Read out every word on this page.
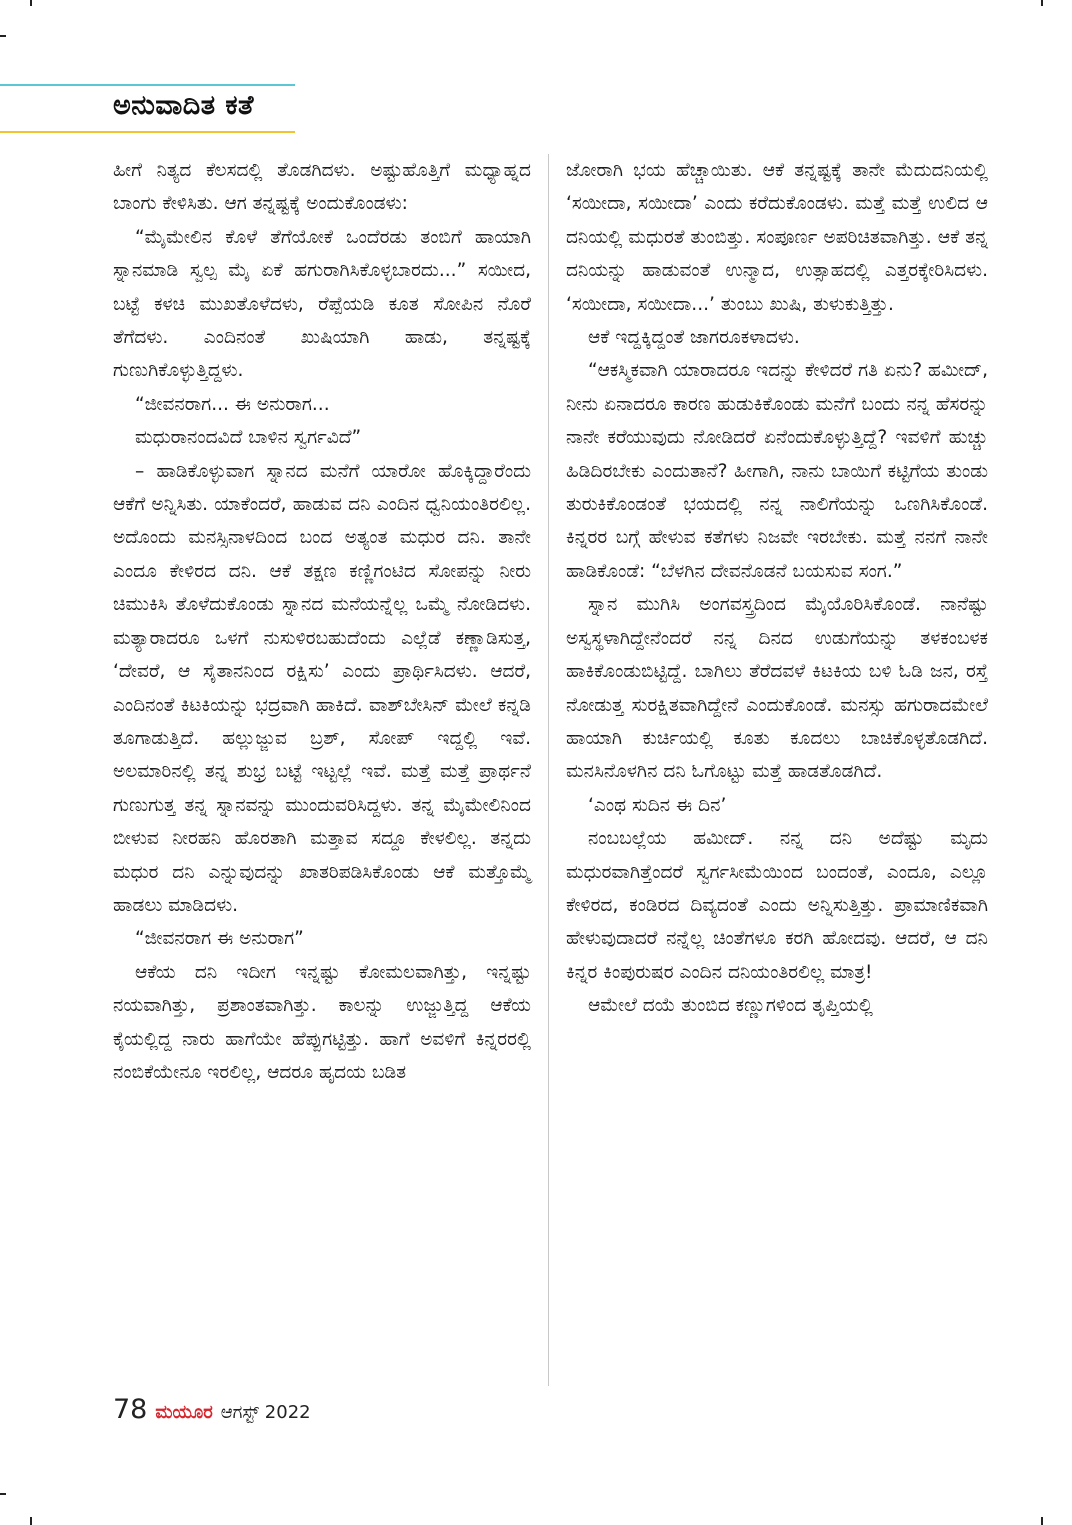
ಅನುವಾದಿತ ಕತೆ

ಹೀಗೆ ನಿತ್ಯದ ಕೆಲಸದಲ್ಲಿ ತೊಡಗಿದಳು. ಅಷ್ಟುಹೊತ್ತಿಗೆ ಮಧ್ಯಾಹ್ನದ ಬಾಂಗು ಕೇಳಿಸಿತು. ಆಗ ತನ್ನಷ್ಟಕ್ಕೆ ಅಂದುಕೊಂಡಳು:

“ಮೈಮೇಲಿನ ಕೊಳೆ ತೆಗೆಯೋಕೆ ಒಂದೆರಡು ತಂಬಿಗೆ ಹಾಯಾಗಿ ಸ್ನಾನಮಾಡಿ ಸ್ವಲ್ಪ ಮೈ ಏಕೆ ಹಗುರಾಗಿಸಿಕೊಳ್ಳಬಾರದು...” ಸಯೀದ, ಬಟ್ಟೆ ಕಳಚಿ ಮುಖತೊಳೆದಳು, ರೆಪ್ಪೆಯಡಿ ಕೂತ ಸೋಪಿನ ನೊರೆ ತೆಗೆದಳು. ಎಂದಿನಂತೆ ಖುಷಿಯಾಗಿ ಹಾಡು, ತನ್ನಷ್ಟಕ್ಕೆ ಗುಣುಗಿಕೊಳ್ಳುತ್ತಿದ್ದಳು.

“ಜೀವನರಾಗ... ಈ ಅನುರಾಗ...

ಮಧುರಾನಂದವಿದೆ ಬಾಳಿನ ಸ್ವರ್ಗವಿದೆ”

– ಹಾಡಿಕೊಳ್ಳುವಾಗ ಸ್ನಾನದ ಮನೆಗೆ ಯಾರೋ ಹೊಕ್ಕಿದ್ದಾರೆಂದು ಆಕೆಗೆ ಅನ್ನಿಸಿತು. ಯಾಕೆಂದರೆ, ಹಾಡುವ ದನಿ ಎಂದಿನ ಧ್ವನಿಯಂತಿರಲಿಲ್ಲ. ಅದೊಂದು ಮನಸ್ಸಿನಾಳದಿಂದ ಬಂದ ಅತ್ಯಂತ ಮಧುರ ದನಿ. ತಾನೇ ಎಂದೂ ಕೇಳಿರದ ದನಿ. ಆಕೆ ತಕ್ಷಣ ಕಣ್ಣಿಗಂಟಿದ ಸೋಪನ್ನು ನೀರು ಚಿಮುಕಿಸಿ ತೊಳೆದುಕೊಂಡು ಸ್ನಾನದ ಮನೆಯನ್ನೆಲ್ಲ ಒಮ್ಮೆ ನೋಡಿದಳು. ಮತ್ಯಾರಾದರೂ ಒಳಗೆ ನುಸುಳಿರಬಹುದೆಂದು ಎಲ್ಲೆಡೆ ಕಣ್ಣಾಡಿಸುತ್ತ, ‘ದೇವರೆ, ಆ ಸೈತಾನನಿಂದ ರಕ್ಷಿಸು’ ಎಂದು ಪ್ರಾರ್ಥಿಸಿದಳು. ಆದರೆ, ಎಂದಿನಂತೆ ಕಿಟಕಿಯನ್ನು ಭದ್ರವಾಗಿ ಹಾಕಿದೆ. ವಾಶ್‌ಬೇಸಿನ್ ಮೇಲೆ ಕನ್ನಡಿ ತೂಗಾಡುತ್ತಿದೆ. ಹಲ್ಲುಜ್ಜುವ ಬ್ರಶ್, ಸೋಪ್ ಇದ್ದಲ್ಲಿ ಇವೆ. ಅಲಮಾರಿನಲ್ಲಿ ತನ್ನ ಶುಭ್ರ ಬಟ್ಟೆ ಇಟ್ಟಲ್ಲೆ ಇವೆ. ಮತ್ತೆ ಮತ್ತೆ ಪ್ರಾರ್ಥನೆ ಗುಣುಗುತ್ತ ತನ್ನ ಸ್ನಾನವನ್ನು ಮುಂದುವರಿಸಿದ್ದಳು. ತನ್ನ ಮೈಮೇಲಿನಿಂದ ಬೀಳುವ ನೀರಹನಿ ಹೊರತಾಗಿ ಮತ್ತಾವ ಸದ್ದೂ ಕೇಳಲಿಲ್ಲ. ತನ್ನದು ಮಧುರ ದನಿ ಎನ್ನುವುದನ್ನು ಖಾತರಿಪಡಿಸಿಕೊಂಡು ಆಕೆ ಮತ್ತೊಮ್ಮೆ ಹಾಡಲು ಮಾಡಿದಳು.

“ಜೀವನರಾಗ ಈ ಅನುರಾಗ”

ಆಕೆಯ ದನಿ ಇದೀಗ ಇನ್ನಷ್ಟು ಕೋಮಲವಾಗಿತ್ತು, ಇನ್ನಷ್ಟು ನಯವಾಗಿತ್ತು, ಪ್ರಶಾಂತವಾಗಿತ್ತು. ಕಾಲನ್ನು ಉಜ್ಜುತ್ತಿದ್ದ ಆಕೆಯ ಕೈಯಲ್ಲಿದ್ದ ನಾರು ಹಾಗೆಯೇ ಹೆಪ್ಪುಗಟ್ಟಿತ್ತು. ಹಾಗೆ ಅವಳಿಗೆ ಕಿನ್ನರರಲ್ಲಿ ನಂಬಿಕೆಯೇನೂ ಇರಲಿಲ್ಲ, ಆದರೂ ಹೃದಯ ಬಡಿತ

ಜೋರಾಗಿ ಭಯ ಹೆಚ್ಚಾಯಿತು. ಆಕೆ ತನ್ನಷ್ಟಕ್ಕೆ ತಾನೇ ಮೆದುದನಿಯಲ್ಲಿ ‘ಸಯೀದಾ, ಸಯೀದಾ’ ಎಂದು ಕರೆದುಕೊಂಡಳು. ಮತ್ತೆ ಮತ್ತೆ ಉಲಿದ ಆ ದನಿಯಲ್ಲಿ ಮಧುರತೆ ತುಂಬಿತ್ತು. ಸಂಪೂರ್ಣ ಅಪರಿಚಿತವಾಗಿತ್ತು. ಆಕೆ ತನ್ನ ದನಿಯನ್ನು ಹಾಡುವಂತೆ ಉನ್ಮಾದ, ಉತ್ಸಾಹದಲ್ಲಿ ಎತ್ತರಕ್ಕೇರಿಸಿದಳು. ‘ಸಯೀದಾ, ಸಯೀದಾ...’ ತುಂಬು ಖುಷಿ, ತುಳುಕುತ್ತಿತ್ತು.

ಆಕೆ ಇದ್ದಕ್ಕಿದ್ದಂತೆ ಜಾಗರೂಕಳಾದಳು.

“ಆಕಸ್ಮಿಕವಾಗಿ ಯಾರಾದರೂ ಇದನ್ನು ಕೇಳಿದರೆ ಗತಿ ಏನು? ಹಮೀದ್, ನೀನು ಏನಾದರೂ ಕಾರಣ ಹುಡುಕಿಕೊಂಡು ಮನೆಗೆ ಬಂದು ನನ್ನ ಹೆಸರನ್ನು ನಾನೇ ಕರೆಯುವುದು ನೋಡಿದರೆ ಏನೆಂದುಕೊಳ್ಳುತ್ತಿದ್ದೆ? ಇವಳಿಗೆ ಹುಚ್ಚು ಹಿಡಿದಿರಬೇಕು ಎಂದುತಾನೆ? ಹೀಗಾಗಿ, ನಾನು ಬಾಯಿಗೆ ಕಟ್ಟಿಗೆಯ ತುಂಡು ತುರುಕಿಕೊಂಡಂತೆ ಭಯದಲ್ಲಿ ನನ್ನ ನಾಲಿಗೆಯನ್ನು ಒಣಗಿಸಿಕೊಂಡೆ. ಕಿನ್ನರರ ಬಗ್ಗೆ ಹೇಳುವ ಕತೆಗಳು ನಿಜವೇ ಇರಬೇಕು. ಮತ್ತೆ ನನಗೆ ನಾನೇ ಹಾಡಿಕೊಂಡೆ: “ಬೆಳಗಿನ ದೇವನೊಡನೆ ಬಯಸುವ ಸಂಗ.”

ಸ್ನಾನ ಮುಗಿಸಿ ಅಂಗವಸ್ತ್ರದಿಂದ ಮೈಯೊರಿಸಿಕೊಂಡೆ. ನಾನೆಷ್ಟು ಅಸ್ವಸ್ಥಳಾಗಿದ್ದೇನೆಂದರೆ ನನ್ನ ದಿನದ ಉಡುಗೆಯನ್ನು ತಳಕಂಬಳಕ ಹಾಕಿಕೊಂಡುಬಿಟ್ಟಿದ್ದೆ. ಬಾಗಿಲು ತೆರೆದವಳೆ ಕಿಟಕಿಯ ಬಳಿ ಓಡಿ ಜನ, ರಸ್ತೆ ನೋಡುತ್ತ ಸುರಕ್ಷಿತವಾಗಿದ್ದೇನೆ ಎಂದುಕೊಂಡೆ. ಮನಸ್ಸು ಹಗುರಾದಮೇಲೆ ಹಾಯಾಗಿ ಕುರ್ಚಿಯಲ್ಲಿ ಕೂತು ಕೂದಲು ಬಾಚಿಕೊಳ್ಳತೊಡಗಿದೆ. ಮನಸಿನೊಳಗಿನ ದನಿ ಓಗೊಟ್ಟು ಮತ್ತೆ ಹಾಡತೊಡಗಿದೆ.

‘ಎಂಥ ಸುದಿನ ಈ ದಿನ’

ನಂಬಬಲ್ಲೆಯ ಹಮೀದ್. ನನ್ನ ದನಿ ಅದೆಷ್ಟು ಮೃದು ಮಧುರವಾಗಿತ್ತೆಂದರೆ ಸ್ವರ್ಗಸೀಮೆಯಿಂದ ಬಂದಂತೆ, ಎಂದೂ, ಎಲ್ಲೂ ಕೇಳಿರದ, ಕಂಡಿರದ ದಿವ್ಯದಂತೆ ಎಂದು ಅನ್ನಿಸುತ್ತಿತ್ತು. ಪ್ರಾಮಾಣಿಕವಾಗಿ ಹೇಳುವುದಾದರೆ ನನ್ನೆಲ್ಲ ಚಿಂತೆಗಳೂ ಕರಗಿ ಹೋದವು. ಆದರೆ, ಆ ದನಿ ಕಿನ್ನರ ಕಿಂಪುರುಷರ ಎಂದಿನ ದನಿಯಂತಿರಲಿಲ್ಲ ಮಾತ್ರ!

ಆಮೇಲೆ ದಯೆ ತುಂಬಿದ ಕಣ್ಣುಗಳಿಂದ ತೃಪ್ತಿಯಲ್ಲಿ

78 ಮಯೂರ ಆಗಸ್ಟ್ 2022
